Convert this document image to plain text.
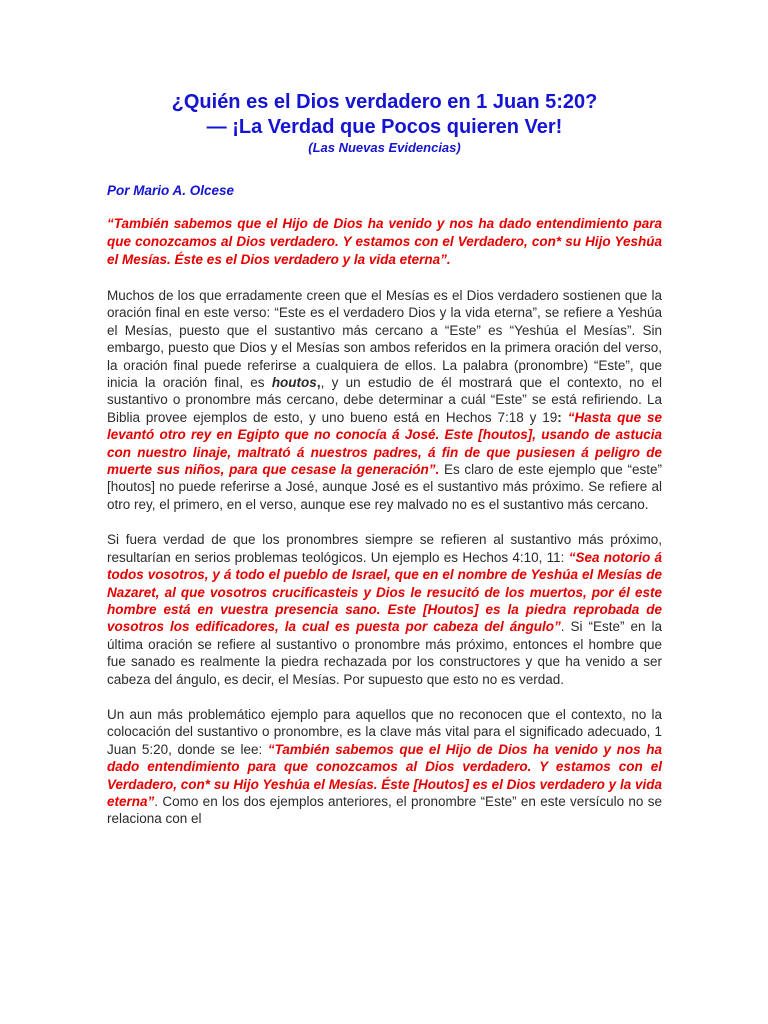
¿Quién es el Dios verdadero en 1 Juan 5:20?
— ¡La Verdad que Pocos quieren Ver!

(Las Nuevas Evidencias)

Por Mario A. Olcese

“También sabemos que el Hijo de Dios ha venido y nos ha dado entendimiento para que conozcamos al Dios verdadero. Y estamos con el Verdadero, con* su Hijo Yeshúa el Mesías. Éste es el Dios verdadero y la vida eterna”.

Muchos de los que erradamente creen que el Mesías es el Dios verdadero sostienen que la oración final en este verso: “Este es el verdadero Dios y la vida eterna”, se refiere a Yeshúa el Mesías, puesto que el sustantivo más cercano a “Este” es “Yeshúa el Mesías”. Sin embargo, puesto que Dios y el Mesías son ambos referidos en la primera oración del verso, la oración final puede referirse a cualquiera de ellos. La palabra (pronombre) “Este”, que inicia la oración final, es houtos,, y un estudio de él mostrará que el contexto, no el sustantivo o pronombre más cercano, debe determinar a cuál “Este” se está refiriendo. La Biblia provee ejemplos de esto, y uno bueno está en Hechos 7:18 y 19: “Hasta que se levantó otro rey en Egipto que no conocía á José. Este [houtos], usando de astucia con nuestro linaje, maltrató á nuestros padres, á fin de que pusiesen á peligro de muerte sus niños, para que cesase la generación”. Es claro de este ejemplo que “este” [houtos] no puede referirse a José, aunque José es el sustantivo más próximo. Se refiere al otro rey, el primero, en el verso, aunque ese rey malvado no es el sustantivo más cercano.

Si fuera verdad de que los pronombres siempre se refieren al sustantivo más próximo, resultarían en serios problemas teológicos. Un ejemplo es Hechos 4:10, 11: “Sea notorio á todos vosotros, y á todo el pueblo de Israel, que en el nombre de Yeshúa el Mesías de Nazaret, al que vosotros crucificasteis y Dios le resucitó de los muertos, por él este hombre está en vuestra presencia sano. Este [Houtos] es la piedra reprobada de vosotros los edificadores, la cual es puesta por cabeza del ángulo”. Si “Este” en la última oración se refiere al sustantivo o pronombre más próximo, entonces el hombre que fue sanado es realmente la piedra rechazada por los constructores y que ha venido a ser cabeza del ángulo, es decir, el Mesías. Por supuesto que esto no es verdad.

Un aun más problemático ejemplo para aquellos que no reconocen que el contexto, no la colocación del sustantivo o pronombre, es la clave más vital para el significado adecuado, 1 Juan 5:20, donde se lee: “También sabemos que el Hijo de Dios ha venido y nos ha dado entendimiento para que conozcamos al Dios verdadero. Y estamos con el Verdadero, con* su Hijo Yeshúa el Mesías. Éste [Houtos] es el Dios verdadero y la vida eterna”. Como en los dos ejemplos anteriores, el pronombre “Este” en este versículo no se relaciona con el
